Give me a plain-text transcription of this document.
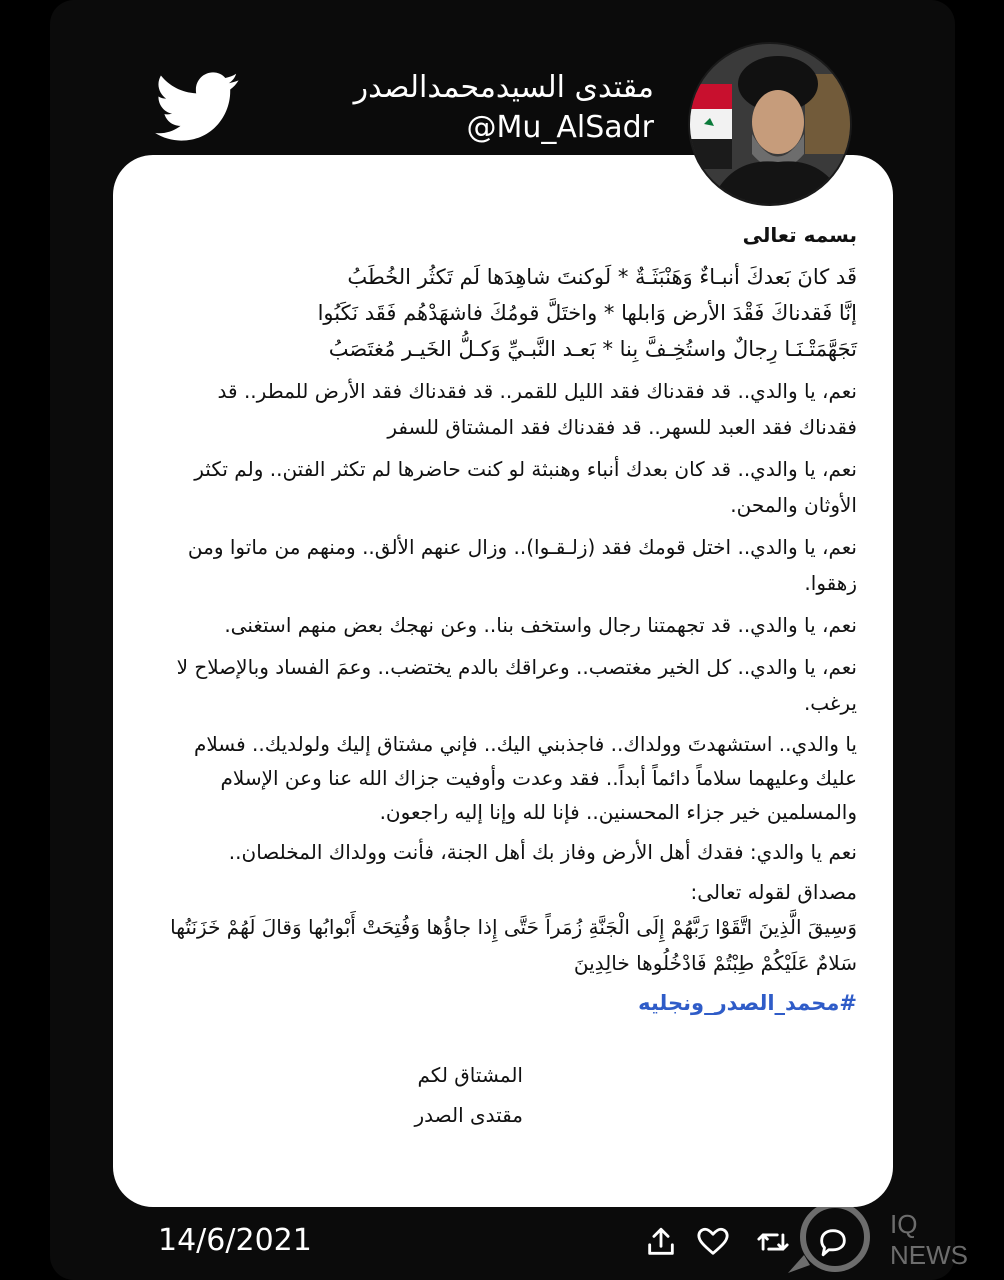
مقتدى السيدمحمدالصدر
@Mu_AlSadr
بسمه تعالى
قَد كانَ بَعدكَ أنبـاءٌ وَهَنْبَثَـةٌ * لَوكنتَ شاهِدَها لَم تَكثُر الخُطَبُ
إنَّا فَقدناكَ فَقْدَ الأرض وَابلها * واختَلَّ قومُكَ فاشهَدْهُم فَقَد نَكَبُوا
تَجَهَّمَتْـنَـا رِجالٌ واستُخِـفَّ بِنا * بَعـد النَّبـيِّ وَكـلُّ الخَيـر مُغتَصَبُ
نعم، يا والدي.. قد فقدناك فقد الليل للقمر.. قد فقدناك فقد الأرض للمطر.. قد فقدناك فقد العبد للسهر.. قد فقدناك فقد المشتاق للسفر
نعم، يا والدي.. قد كان بعدك أنباء وهنبثة لو كنت حاضرها لم تكثر الفتن.. ولم تكثر الأوثان والمحن.
نعم، يا والدي.. اختل قومك فقد (زلـقـوا).. وزال عنهم الألق.. ومنهم من ماتوا ومن زهقوا.
نعم، يا والدي.. قد تجهمتنا رجال واستخف بنا.. وعن نهجك بعض منهم استغنى.
نعم، يا والدي.. كل الخير مغتصب.. وعراقك بالدم يختضب.. وعمَ الفساد وبالإصلاح لا يرغب.
يا والدي.. استشهدتَ وولداك.. فاجذبني اليك.. فإني مشتاق إليك ولولديك.. فسلام عليك وعليهما سلاماً دائماً أبداً.. فقد وعدت وأوفيت جزاك الله عنا وعن الإسلام والمسلمين خير جزاء المحسنين.. فإنا لله وإنا إليه راجعون.
نعم يا والدي: فقدك أهل الأرض وفاز بك أهل الجنة، فأنت وولداك المخلصان..
مصداق لقوله تعالى:
وَسِيقَ الَّذِينَ اتَّقَوْا رَبَّهُمْ إِلَى الْجَنَّةِ زُمَراً حَتَّى إِذا جاؤُها وَفُتِحَتْ أَبْوابُها وَقالَ لَهُمْ خَزَنَتُها سَلامٌ عَلَيْكُمْ طِبْتُمْ فَادْخُلُوها خالِدِينَ
#محمد_الصدر_ونجليه
المشتاق لكم
مقتدى الصدر
14/6/2021	IQ NEWS
